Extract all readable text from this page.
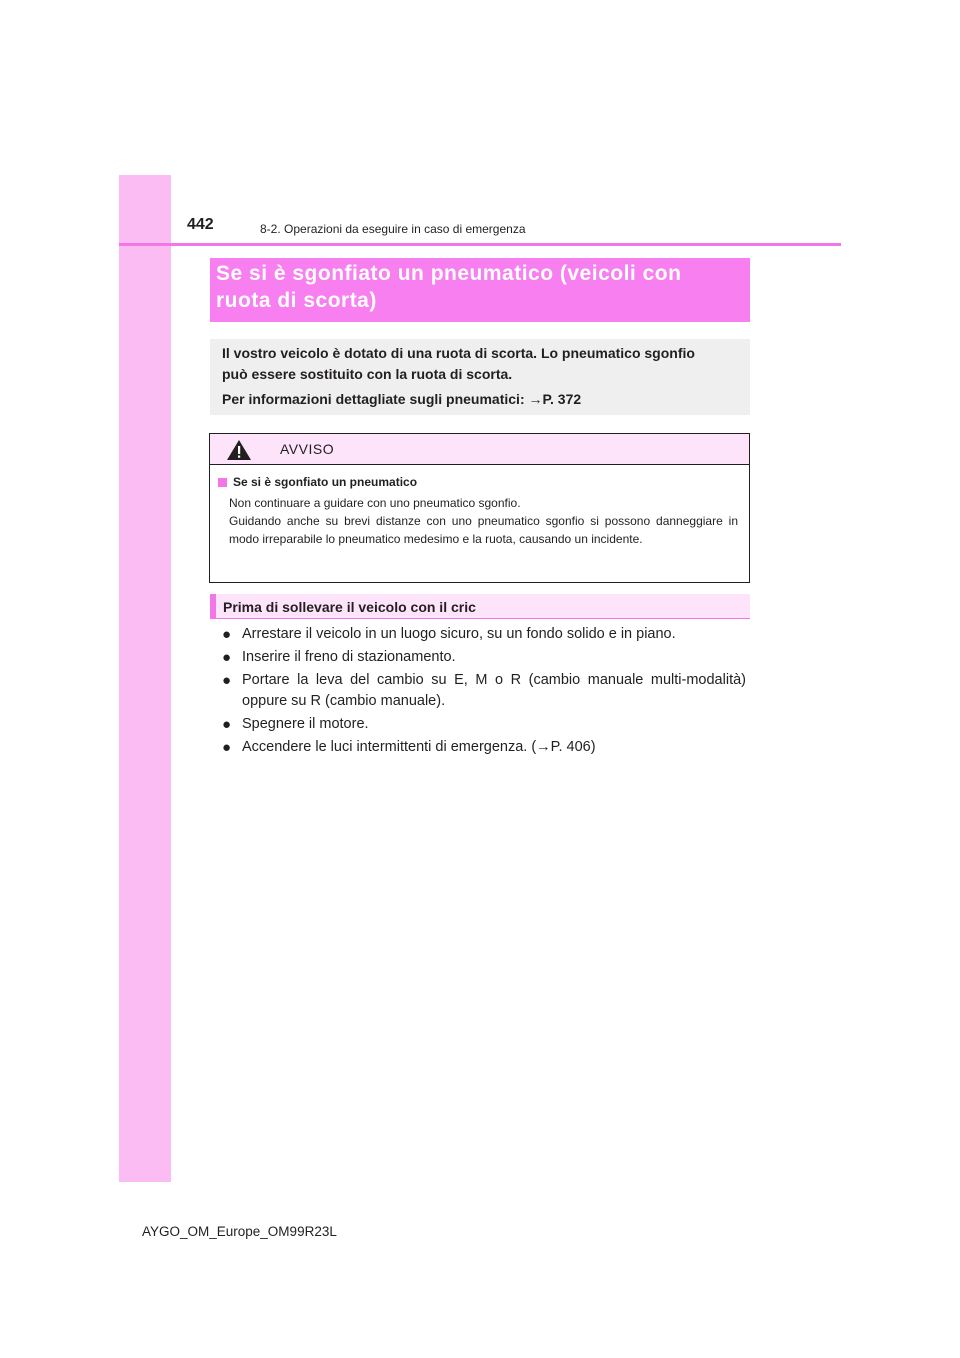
442	8-2. Operazioni da eseguire in caso di emergenza
Se si è sgonfiato un pneumatico (veicoli con
ruota di scorta)
Il vostro veicolo è dotato di una ruota di scorta. Lo pneumatico sgonfio
può essere sostituito con la ruota di scorta.
Per informazioni dettagliate sugli pneumatici: →P. 372
AVVISO
Se si è sgonfiato un pneumatico
Non continuare a guidare con uno pneumatico sgonfio.
Guidando anche su brevi distanze con uno pneumatico sgonfio si possono danneggiare in modo irreparabile lo pneumatico medesimo e la ruota, causando un incidente.
Prima di sollevare il veicolo con il cric
● Arrestare il veicolo in un luogo sicuro, su un fondo solido e in piano.
● Inserire il freno di stazionamento.
● Portare la leva del cambio su E, M o R (cambio manuale multi-modalità) oppure su R (cambio manuale).
● Spegnere il motore.
● Accendere le luci intermittenti di emergenza. (→P. 406)
AYGO_OM_Europe_OM99R23L
